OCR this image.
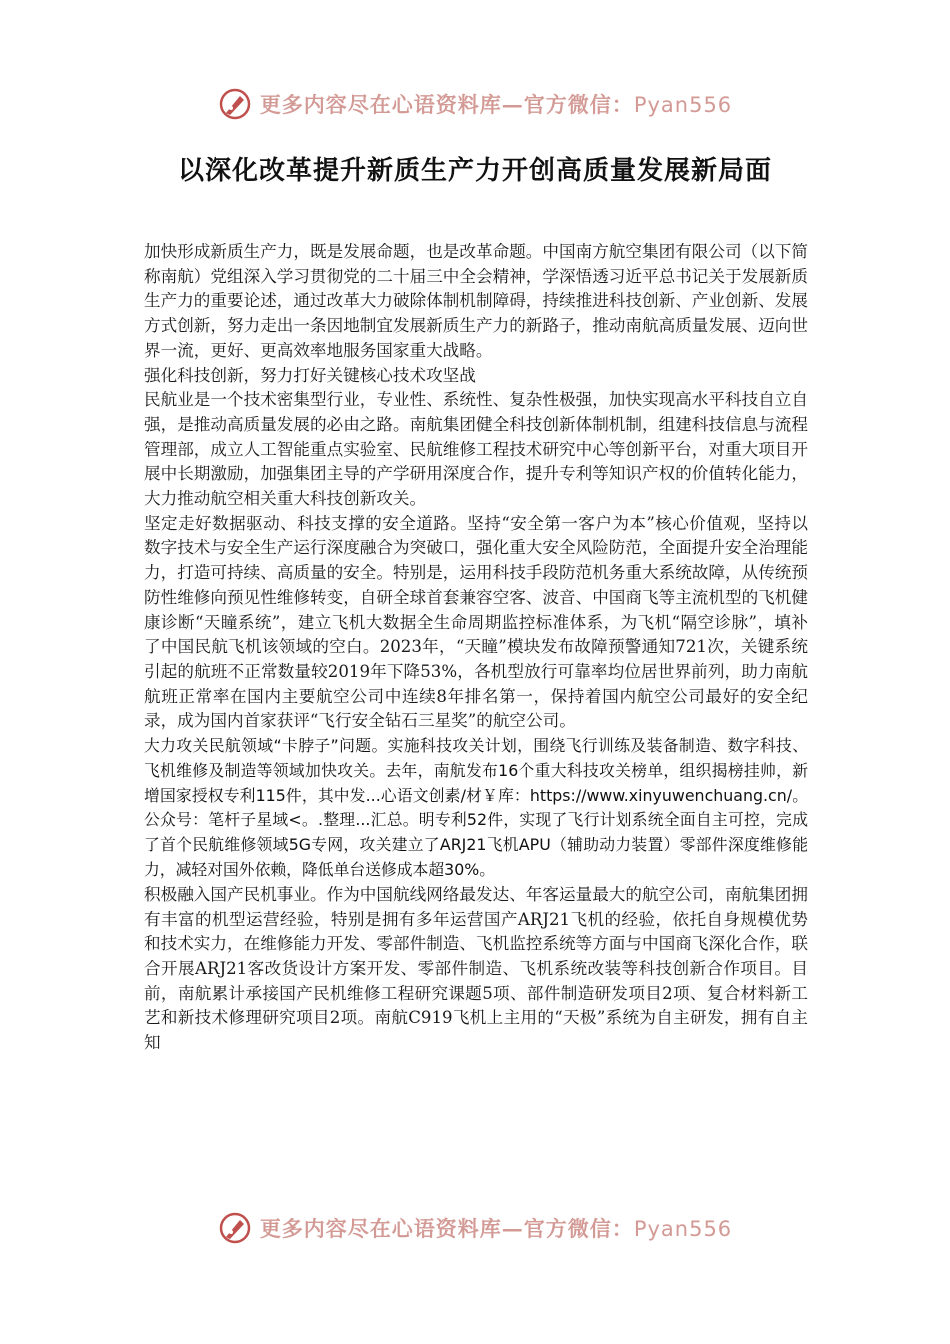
更多内容尽在心语资料库—官方微信：Pyan556
以深化改革提升新质生产力开创高质量发展新局面

加快形成新质生产力，既是发展命题，也是改革命题。中国南方航空集团有限公司（以下简称南航）党组深入学习贯彻党的二十届三中全会精神，学深悟透习近平总书记关于发展新质生产力的重要论述，通过改革大力破除体制机制障碍，持续推进科技创新、产业创新、发展方式创新，努力走出一条因地制宜发展新质生产力的新路子，推动南航高质量发展、迈向世界一流，更好、更高效率地服务国家重大战略。

强化科技创新，努力打好关键核心技术攻坚战

民航业是一个技术密集型行业，专业性、系统性、复杂性极强，加快实现高水平科技自立自强，是推动高质量发展的必由之路。南航集团健全科技创新体制机制，组建科技信息与流程管理部，成立人工智能重点实验室、民航维修工程技术研究中心等创新平台，对重大项目开展中长期激励，加强集团主导的产学研用深度合作，提升专利等知识产权的价值转化能力，大力推动航空相关重大科技创新攻关。

坚定走好数据驱动、科技支撑的安全道路。坚持“安全第一客户为本”核心价值观，坚持以数字技术与安全生产运行深度融合为突破口，强化重大安全风险防范，全面提升安全治理能力，打造可持续、高质量的安全。特别是，运用科技手段防范机务重大系统故障，从传统预防性维修向预见性维修转变，自研全球首套兼容空客、波音、中国商飞等主流机型的飞机健康诊断“天瞳系统”，建立飞机大数据全生命周期监控标准体系，为飞机“隔空诊脉”，填补了中国民航飞机该领域的空白。2023年，“天瞳”模块发布故障预警通知721次，关键系统引起的航班不正常数量较2019年下降53%，各机型放行可靠率均位居世界前列，助力南航航班正常率在国内主要航空公司中连续8年排名第一，保持着国内航空公司最好的安全纪录，成为国内首家获评“飞行安全钻石三星奖”的航空公司。

大力攻关民航领域“卡脖子”问题。实施科技攻关计划，围绕飞行训练及装备制造、数字科技、飞机维修及制造等领域加快攻关。去年，南航发布16个重大科技攻关榜单，组织揭榜挂帅，新增国家授权专利115件，其中发...心语文创素/材￥库：https://www.xinyuwenchuang.cn/。公众号：笔杆子星域<。.整理...汇总。明专利52件，实现了飞行计划系统全面自主可控，完成了首个民航维修领域5G专网，攻关建立了ARJ21飞机APU（辅助动力装置）零部件深度维修能力，减轻对国外依赖，降低单台送修成本超30%。

积极融入国产民机事业。作为中国航线网络最发达、年客运量最大的航空公司，南航集团拥有丰富的机型运营经验，特别是拥有多年运营国产ARJ21飞机的经验，依托自身规模优势和技术实力，在维修能力开发、零部件制造、飞机监控系统等方面与中国商飞深化合作，联合开展ARJ21客改货设计方案开发、零部件制造、飞机系统改装等科技创新合作项目。目前，南航累计承接国产民机维修工程研究课题5项、部件制造研发项目2项、复合材料新工艺和新技术修理研究项目2项。南航C919飞机上主用的“天极”系统为自主研发，拥有自主知

更多内容尽在心语资料库—官方微信：Pyan556
